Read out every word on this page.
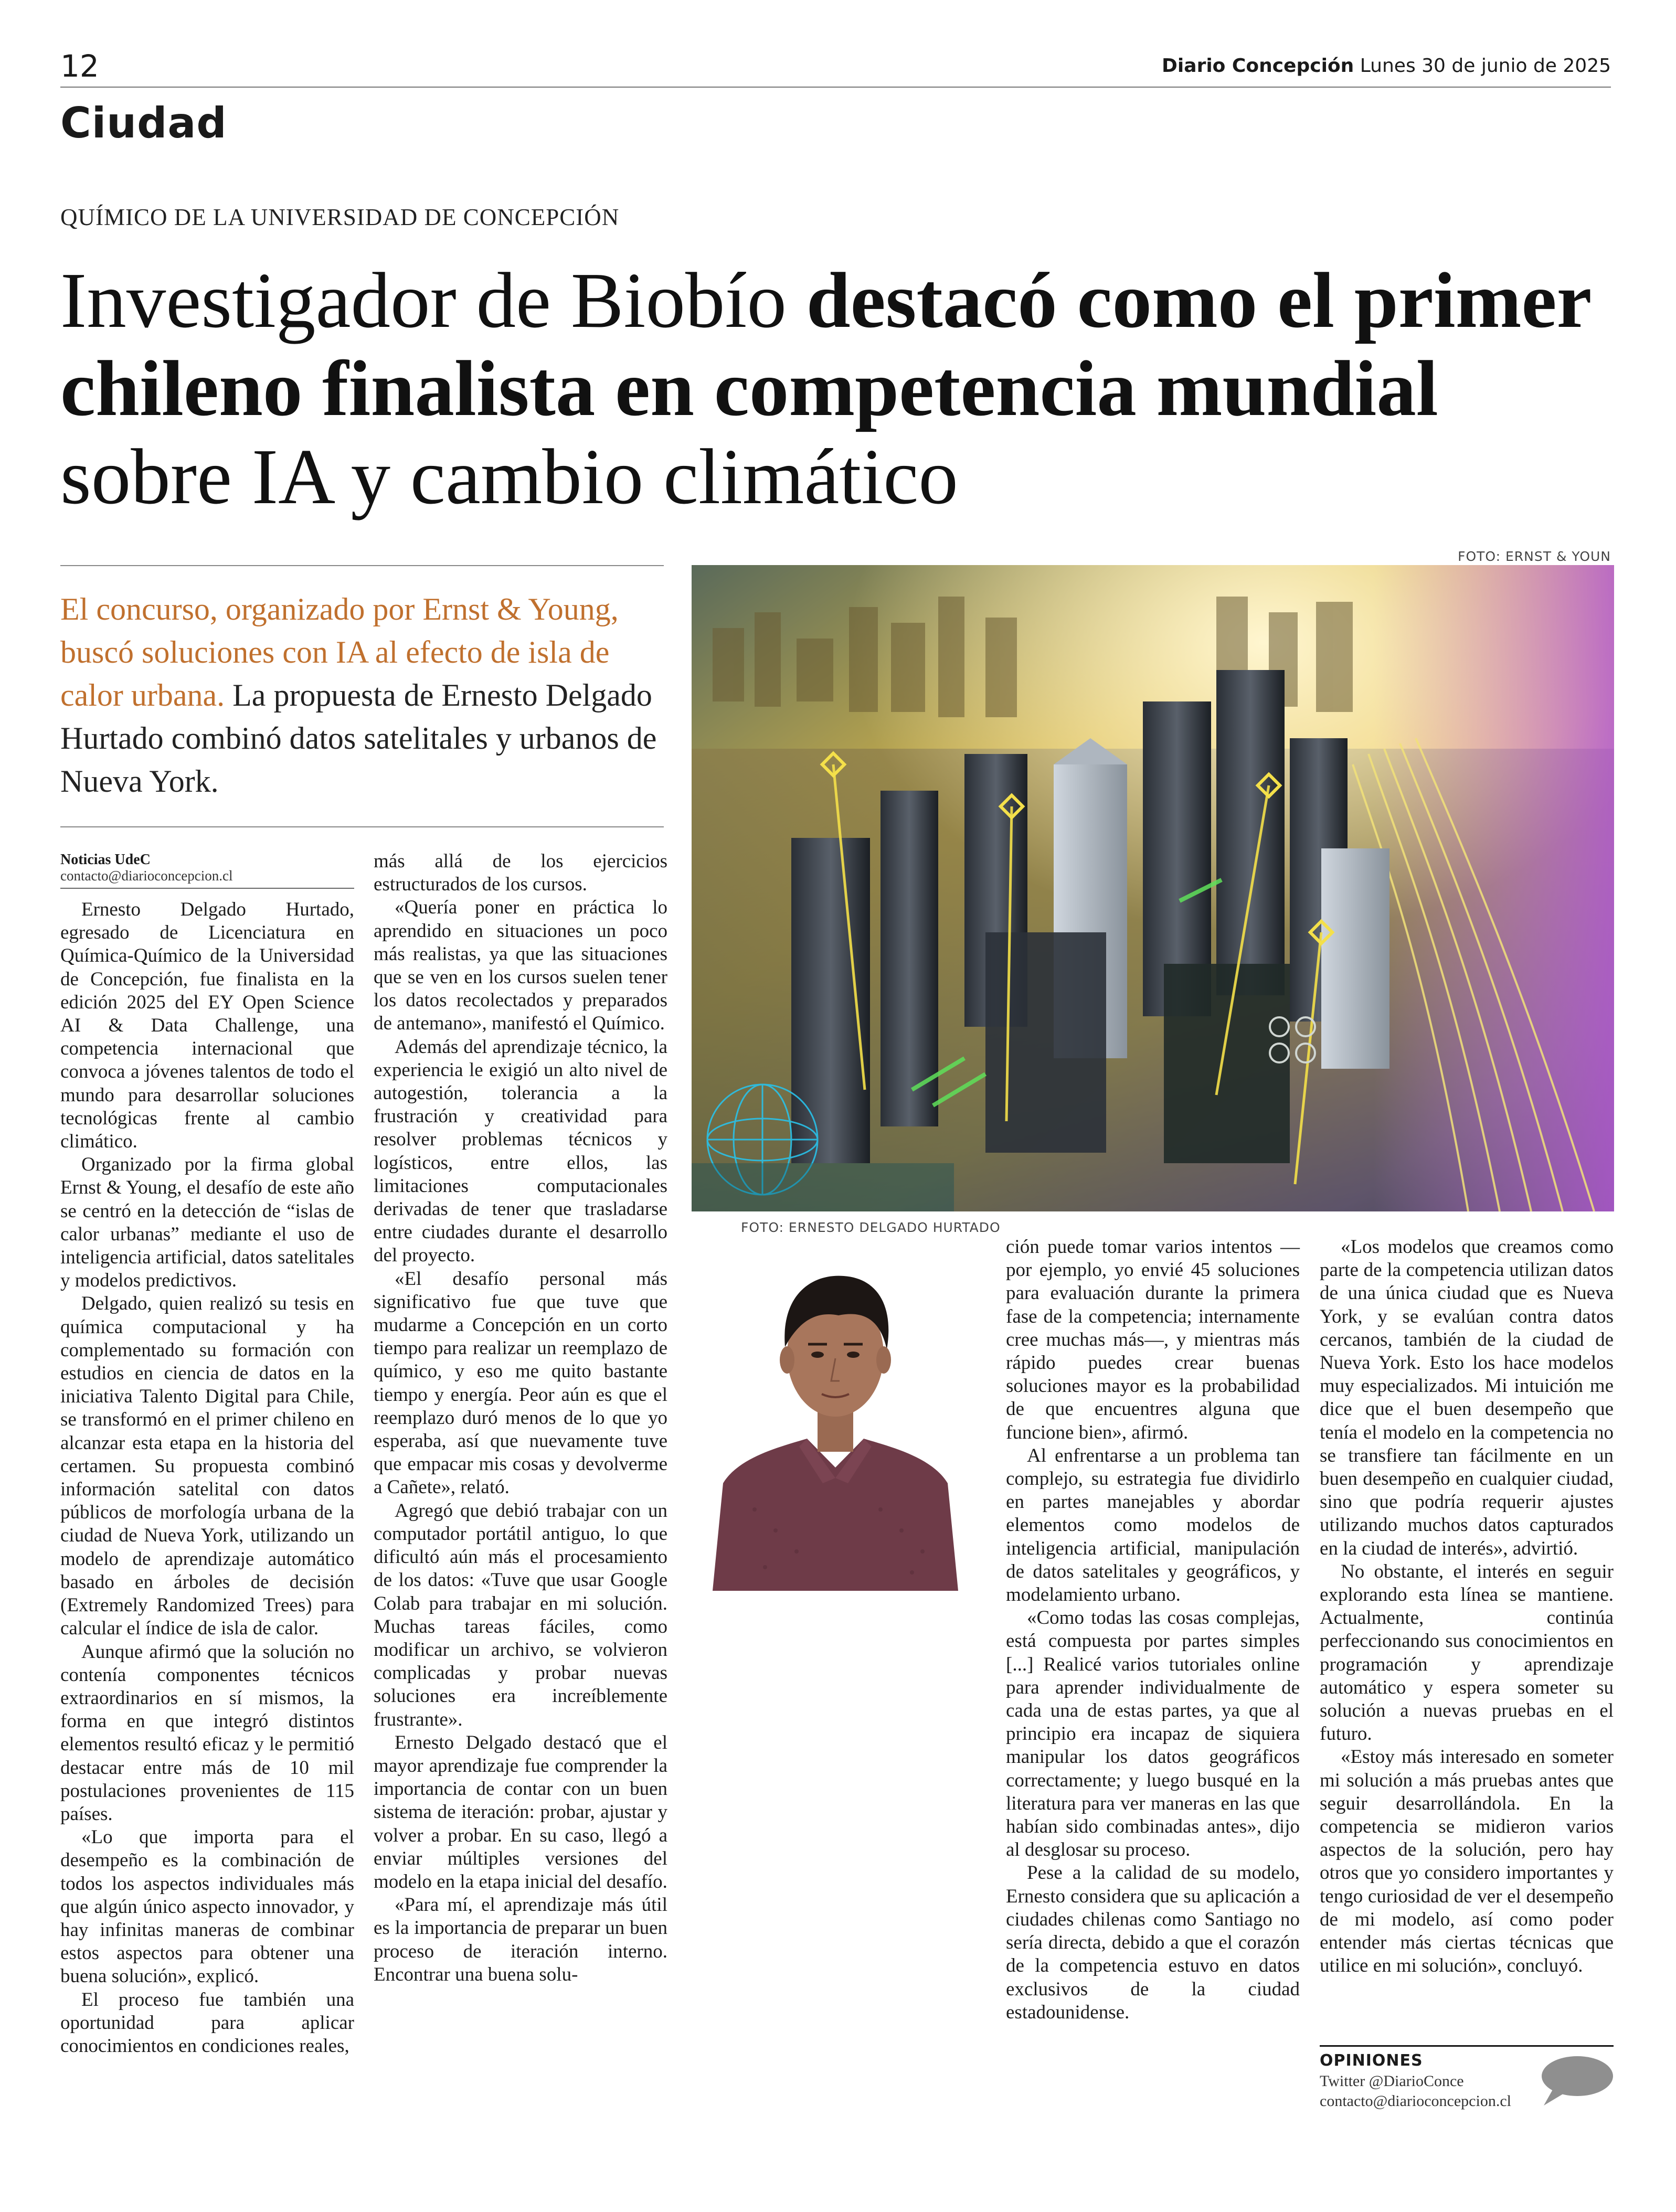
12	Diario Concepción Lunes 30 de junio de 2025
Ciudad
QUÍMICO DE LA UNIVERSIDAD DE CONCEPCIÓN
Investigador de Biobío destacó como el primer chileno finalista en competencia mundial sobre IA y cambio climático
El concurso, organizado por Ernst & Young, buscó soluciones con IA al efecto de isla de calor urbana. La propuesta de Ernesto Delgado Hurtado combinó datos satelitales y urbanos de Nueva York.
FOTO: ERNST & YOUN
FOTO: ERNESTO DELGADO HURTADO
Noticias UdeC
contacto@diarioconcepcion.cl

Ernesto Delgado Hurtado, egresado de Licenciatura en Química-Químico de la Universidad de Concepción, fue finalista en la edición 2025 del EY Open Science AI & Data Challenge, una competencia internacional que convoca a jóvenes talentos de todo el mundo para desarrollar soluciones tecnológicas frente al cambio climático.

Organizado por la firma global Ernst & Young, el desafío de este año se centró en la detección de “islas de calor urbanas” mediante el uso de inteligencia artificial, datos satelitales y modelos predictivos.

Delgado, quien realizó su tesis en química computacional y ha complementado su formación con estudios en ciencia de datos en la iniciativa Talento Digital para Chile, se transformó en el primer chileno en alcanzar esta etapa en la historia del certamen. Su propuesta combinó información satelital con datos públicos de morfología urbana de la ciudad de Nueva York, utilizando un modelo de aprendizaje automático basado en árboles de decisión (Extremely Randomized Trees) para calcular el índice de isla de calor.

Aunque afirmó que la solución no contenía componentes técnicos extraordinarios en sí mismos, la forma en que integró distintos elementos resultó eficaz y le permitió destacar entre más de 10 mil postulaciones provenientes de 115 países.

«Lo que importa para el desempeño es la combinación de todos los aspectos individuales más que algún único aspecto innovador, y hay infinitas maneras de combinar estos aspectos para obtener una buena solución», explicó.

El proceso fue también una oportunidad para aplicar conocimientos en condiciones reales,

más allá de los ejercicios estructurados de los cursos.

«Quería poner en práctica lo aprendido en situaciones un poco más realistas, ya que las situaciones que se ven en los cursos suelen tener los datos recolectados y preparados de antemano», manifestó el Químico.

Además del aprendizaje técnico, la experiencia le exigió un alto nivel de autogestión, tolerancia a la frustración y creatividad para resolver problemas técnicos y logísticos, entre ellos, las limitaciones computacionales derivadas de tener que trasladarse entre ciudades durante el desarrollo del proyecto.

«El desafío personal más significativo fue que tuve que mudarme a Concepción en un corto tiempo para realizar un reemplazo de químico, y eso me quito bastante tiempo y energía. Peor aún es que el reemplazo duró menos de lo que yo esperaba, así que nuevamente tuve que empacar mis cosas y devolverme a Cañete», relató.

Agregó que debió trabajar con un computador portátil antiguo, lo que dificultó aún más el procesamiento de los datos: «Tuve que usar Google Colab para trabajar en mi solución. Muchas tareas fáciles, como modificar un archivo, se volvieron complicadas y probar nuevas soluciones era increíblemente frustrante».

Ernesto Delgado destacó que el mayor aprendizaje fue comprender la importancia de contar con un buen sistema de iteración: probar, ajustar y volver a probar. En su caso, llegó a enviar múltiples versiones del modelo en la etapa inicial del desafío.

«Para mí, el aprendizaje más útil es la importancia de preparar un buen proceso de iteración interno. Encontrar una buena solu-

ción puede tomar varios intentos —por ejemplo, yo envié 45 soluciones para evaluación durante la primera fase de la competencia; internamente cree muchas más—, y mientras más rápido puedes crear buenas soluciones mayor es la probabilidad de que encuentres alguna que funcione bien», afirmó.

Al enfrentarse a un problema tan complejo, su estrategia fue dividirlo en partes manejables y abordar elementos como modelos de inteligencia artificial, manipulación de datos satelitales y geográficos, y modelamiento urbano.

«Como todas las cosas complejas, está compuesta por partes simples [...] Realicé varios tutoriales online para aprender individualmente de cada una de estas partes, ya que al principio era incapaz de siquiera manipular los datos geográficos correctamente; y luego busqué en la literatura para ver maneras en las que habían sido combinadas antes», dijo al desglosar su proceso.

Pese a la calidad de su modelo, Ernesto considera que su aplicación a ciudades chilenas como Santiago no sería directa, debido a que el corazón de la competencia estuvo en datos exclusivos de la ciudad estadounidense.

«Los modelos que creamos como parte de la competencia utilizan datos de una única ciudad que es Nueva York, y se evalúan contra datos cercanos, también de la ciudad de Nueva York. Esto los hace modelos muy especializados. Mi intuición me dice que el buen desempeño que tenía el modelo en la competencia no se transfiere tan fácilmente en un buen desempeño en cualquier ciudad, sino que podría requerir ajustes utilizando muchos datos capturados en la ciudad de interés», advirtió.

No obstante, el interés en seguir explorando esta línea se mantiene. Actualmente, continúa perfeccionando sus conocimientos en programación y aprendizaje automático y espera someter su solución a nuevas pruebas en el futuro.

«Estoy más interesado en someter mi solución a más pruebas antes que seguir desarrollándola. En la competencia se midieron varios aspectos de la solución, pero hay otros que yo considero importantes y tengo curiosidad de ver el desempeño de mi modelo, así como poder entender más ciertas técnicas que utilice en mi solución», concluyó.

OPINIONES
Twitter @DiarioConce
contacto@diarioconcepcion.cl
